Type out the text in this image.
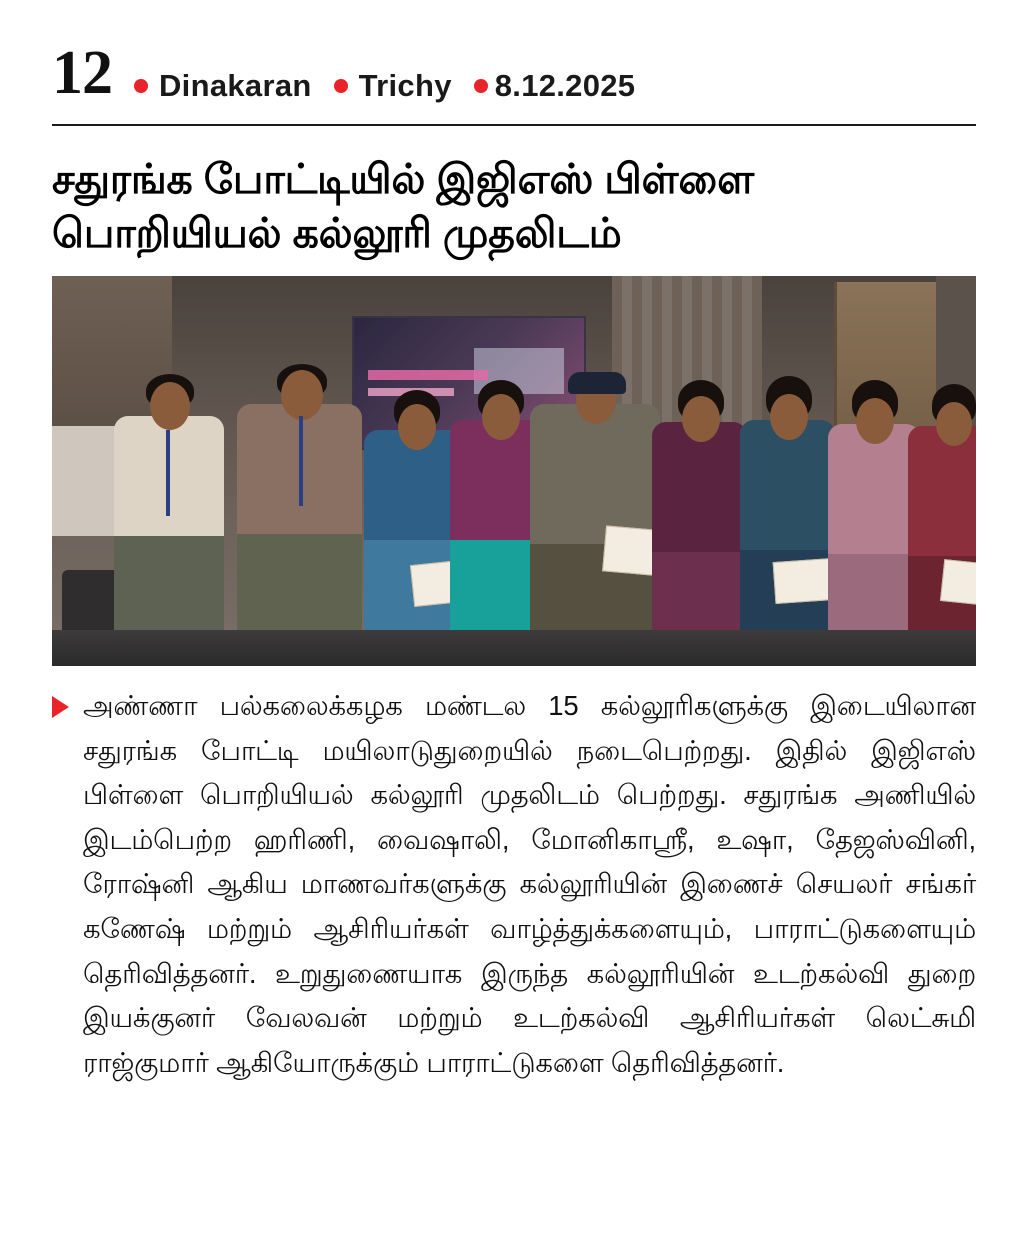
12 Dinakaran Trichy 8.12.2025
சதுரங்க போட்டியில் இஜிஎஸ் பிள்ளை
பொறியியல் கல்லூரி முதலிடம்
அண்ணா பல்கலைக்கழக மண்டல 15 கல்லூரிகளுக்கு இடையிலான சதுரங்க போட்டி மயிலாடுதுறையில் நடைபெற்றது. இதில் இஜிஎஸ் பிள்ளை பொறியியல் கல்லூரி முதலிடம் பெற்றது. சதுரங்க அணியில் இடம்பெற்ற ஹரிணி, வைஷாலி, மோனிகாஸ்ரீ, உஷா, தேஜஸ்வினி, ரோஷ்னி ஆகிய மாணவர்களுக்கு கல்லூரியின் இணைச் செயலர் சங்கர் கணேஷ் மற்றும் ஆசிரியர்கள் வாழ்த்துக்களையும், பாராட்டுகளையும் தெரிவித்தனர். உறுதுணையாக இருந்த கல்லூரியின் உடற்கல்வி துறை இயக்குனர் வேலவன் மற்றும் உடற்கல்வி ஆசிரியர்கள் லெட்சுமி ராஜ்குமார் ஆகியோருக்கும் பாராட்டுகளை தெரிவித்தனர்.
